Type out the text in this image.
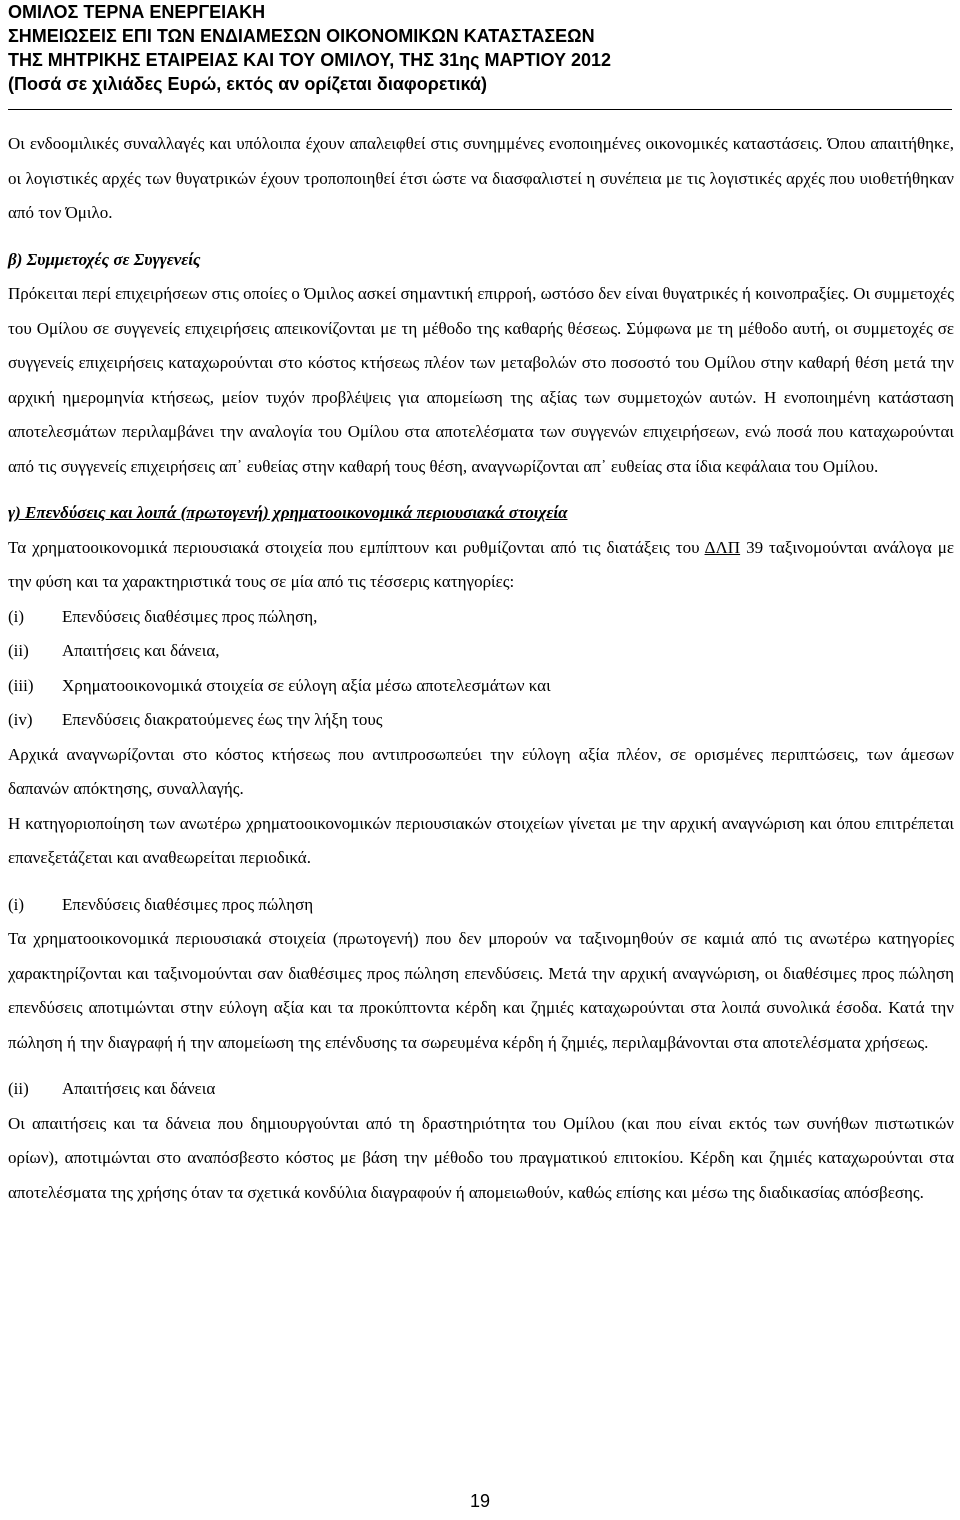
ΟΜΙΛΟΣ ΤΕΡΝΑ ΕΝΕΡΓΕΙΑΚΗ
ΣΗΜΕΙΩΣΕΙΣ ΕΠΙ ΤΩΝ ΕΝΔΙΑΜΕΣΩΝ ΟΙΚΟΝΟΜΙΚΩΝ ΚΑΤΑΣΤΑΣΕΩΝ
ΤΗΣ ΜΗΤΡΙΚΗΣ ΕΤΑΙΡΕΙΑΣ ΚΑΙ ΤΟΥ ΟΜΙΛΟΥ, ΤΗΣ 31ης ΜΑΡΤΙΟΥ 2012
(Ποσά σε χιλιάδες Ευρώ, εκτός αν ορίζεται διαφορετικά)

Οι ενδοομιλικές συναλλαγές και υπόλοιπα έχουν απαλειφθεί στις συνημμένες ενοποιημένες οικονομικές καταστάσεις. Όπου απαιτήθηκε, οι λογιστικές αρχές των θυγατρικών έχουν τροποποιηθεί έτσι ώστε να διασφαλιστεί η συνέπεια με τις λογιστικές αρχές που υιοθετήθηκαν από τον Όμιλο.

β) Συμμετοχές σε Συγγενείς

Πρόκειται περί επιχειρήσεων στις οποίες ο Όμιλος ασκεί σημαντική επιρροή, ωστόσο δεν είναι θυγατρικές ή κοινοπραξίες. Οι συμμετοχές του Ομίλου σε συγγενείς επιχειρήσεις απεικονίζονται με τη μέθοδο της καθαρής θέσεως. Σύμφωνα με τη μέθοδο αυτή, οι συμμετοχές σε συγγενείς επιχειρήσεις καταχωρούνται στο κόστος κτήσεως πλέον των μεταβολών στο ποσοστό του Ομίλου στην καθαρή θέση μετά την αρχική ημερομηνία κτήσεως, μείον τυχόν προβλέψεις για απομείωση της αξίας των συμμετοχών αυτών. Η ενοποιημένη κατάσταση αποτελεσμάτων περιλαμβάνει την αναλογία του Ομίλου στα αποτελέσματα των συγγενών επιχειρήσεων, ενώ ποσά που καταχωρούνται από τις συγγενείς επιχειρήσεις απ᾽ ευθείας στην καθαρή τους θέση, αναγνωρίζονται απ᾽ ευθείας στα ίδια κεφάλαια του Ομίλου.

γ) Επενδύσεις και λοιπά (πρωτογενή) χρηματοοικονομικά περιουσιακά στοιχεία

Τα χρηματοοικονομικά περιουσιακά στοιχεία που εμπίπτουν και ρυθμίζονται από τις διατάξεις του ΔΛΠ 39 ταξινομούνται ανάλογα με την φύση και τα χαρακτηριστικά τους σε μία από τις τέσσερις κατηγορίες:

(i)	Επενδύσεις διαθέσιμες προς πώληση,
(ii)	Απαιτήσεις και δάνεια,
(iii)	Χρηματοοικονομικά στοιχεία σε εύλογη αξία μέσω αποτελεσμάτων και
(iv)	Επενδύσεις διακρατούμενες έως την λήξη τους

Αρχικά αναγνωρίζονται στο κόστος κτήσεως που αντιπροσωπεύει την εύλογη αξία πλέον, σε ορισμένες περιπτώσεις, των άμεσων δαπανών απόκτησης, συναλλαγής.

Η κατηγοριοποίηση των ανωτέρω χρηματοοικονομικών περιουσιακών στοιχείων γίνεται με την αρχική αναγνώριση και όπου επιτρέπεται επανεξετάζεται και αναθεωρείται περιοδικά.

(i) Επενδύσεις διαθέσιμες προς πώληση

Τα χρηματοοικονομικά περιουσιακά στοιχεία (πρωτογενή) που δεν μπορούν να ταξινομηθούν σε καμιά από τις ανωτέρω κατηγορίες χαρακτηρίζονται και ταξινομούνται σαν διαθέσιμες προς πώληση επενδύσεις. Μετά την αρχική αναγνώριση, οι διαθέσιμες προς πώληση επενδύσεις αποτιμώνται στην εύλογη αξία και τα προκύπτοντα κέρδη και ζημιές καταχωρούνται στα λοιπά συνολικά έσοδα. Κατά την πώληση ή την διαγραφή ή την απομείωση της επένδυσης τα σωρευμένα κέρδη ή ζημιές, περιλαμβάνονται στα αποτελέσματα χρήσεως.

(ii) Απαιτήσεις και δάνεια

Οι απαιτήσεις και τα δάνεια που δημιουργούνται από τη δραστηριότητα του Ομίλου (και που είναι εκτός των συνήθων πιστωτικών ορίων), αποτιμώνται στο αναπόσβεστο κόστος με βάση την μέθοδο του πραγματικού επιτοκίου. Κέρδη και ζημιές καταχωρούνται στα αποτελέσματα της χρήσης όταν τα σχετικά κονδύλια διαγραφούν ή απομειωθούν, καθώς επίσης και μέσω της διαδικασίας απόσβεσης.

19
